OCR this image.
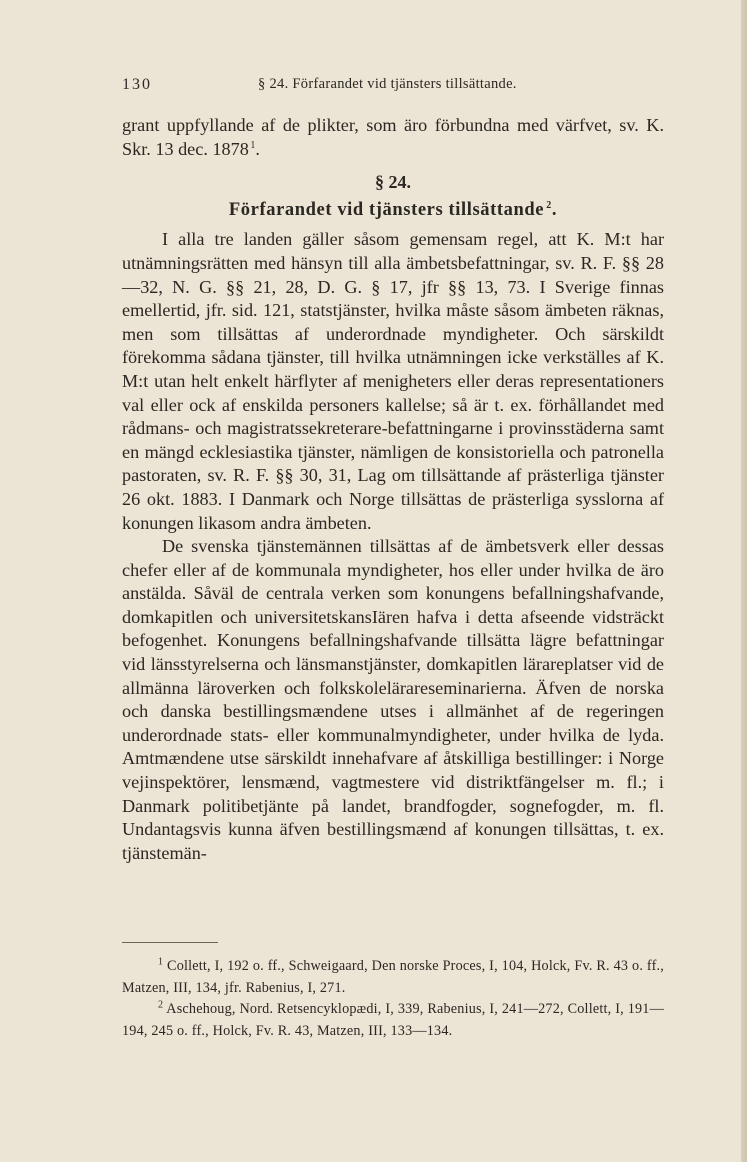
130	§ 24. Förfarandet vid tjänsters tillsättande.

grant uppfyllande af de plikter, som äro förbundna med värfvet, sv. K. Skr. 13 dec. 1878  $^1$.

§ 24.
Förfarandet vid tjänsters tillsättande  $^2$.

I alla tre landen gäller såsom gemensam regel, att K. M:t har utnämningsrätten med hänsyn till alla ämbetsbefattningar, sv. R. F. §§ 28—32, N. G. §§ 21, 28, D. G. § 17, jfr §§ 13, 73. I Sverige finnas emellertid, jfr. sid. 121, statstjänster, hvilka måste såsom ämbeten räknas, men som tillsättas af underordnade myndigheter. Och särskildt förekomma sådana tjänster, till hvilka utnämningen icke verkställes af K. M:t utan helt enkelt härflyter af menigheters eller deras representationers val eller ock af enskilda personers kallelse; så är t. ex. förhållandet med rådmans- och magistratssekreterare-befattningarne i provinsstäderna samt en mängd ecklesiastika tjänster, nämligen de konsistoriella och patronella pastoraten, sv. R. F. §§ 30, 31, Lag om tillsättande af prästerliga tjänster 26 okt. 1883. I Danmark och Norge tillsättas de prästerliga sysslorna af konungen likasom andra ämbeten.

De svenska tjänstemännen tillsättas af de ämbetsverk eller dessas chefer eller af de kommunala myndigheter, hos eller under hvilka de äro anstälda. Såväl de centrala verken som konungens befallningshafvande, domkapitlen och universitetskansIären hafva i detta afseende vidsträckt befogenhet. Konungens befallningshafvande tillsätta lägre befattningar vid länsstyrelserna och länsmanstjänster, domkapitlen lärareplatser vid de allmänna läroverken och folkskolelärareseminarierna. Äfven de norska och danska bestillingsmændene utses i allmänhet af de regeringen underordnade stats- eller kommunalmyndigheter, under hvilka de lyda. Amtmændene utse särskildt innehafvare af åtskilliga bestillinger: i Norge vejinspektörer, lensmænd, vagtmestere vid distriktfängelser m. fl.; i Danmark politibetjänte på landet, brandfogder, sognefogder, m. fl. Undantagsvis kunna äfven bestillingsmænd af konungen tillsättas, t. ex. tjänstemän-

$^1$ Collett, I, 192 o. ff., Schweigaard, Den norske Proces, I, 104, Holck, Fv. R. 43 o. ff., Matzen, III, 134, jfr. Rabenius, I, 271.

$^2$ Aschehoug, Nord. Retsencyklopædi, I, 339, Rabenius, I, 241—272, Collett, I, 191—194, 245 o. ff., Holck, Fv. R. 43, Matzen, III, 133—134.
